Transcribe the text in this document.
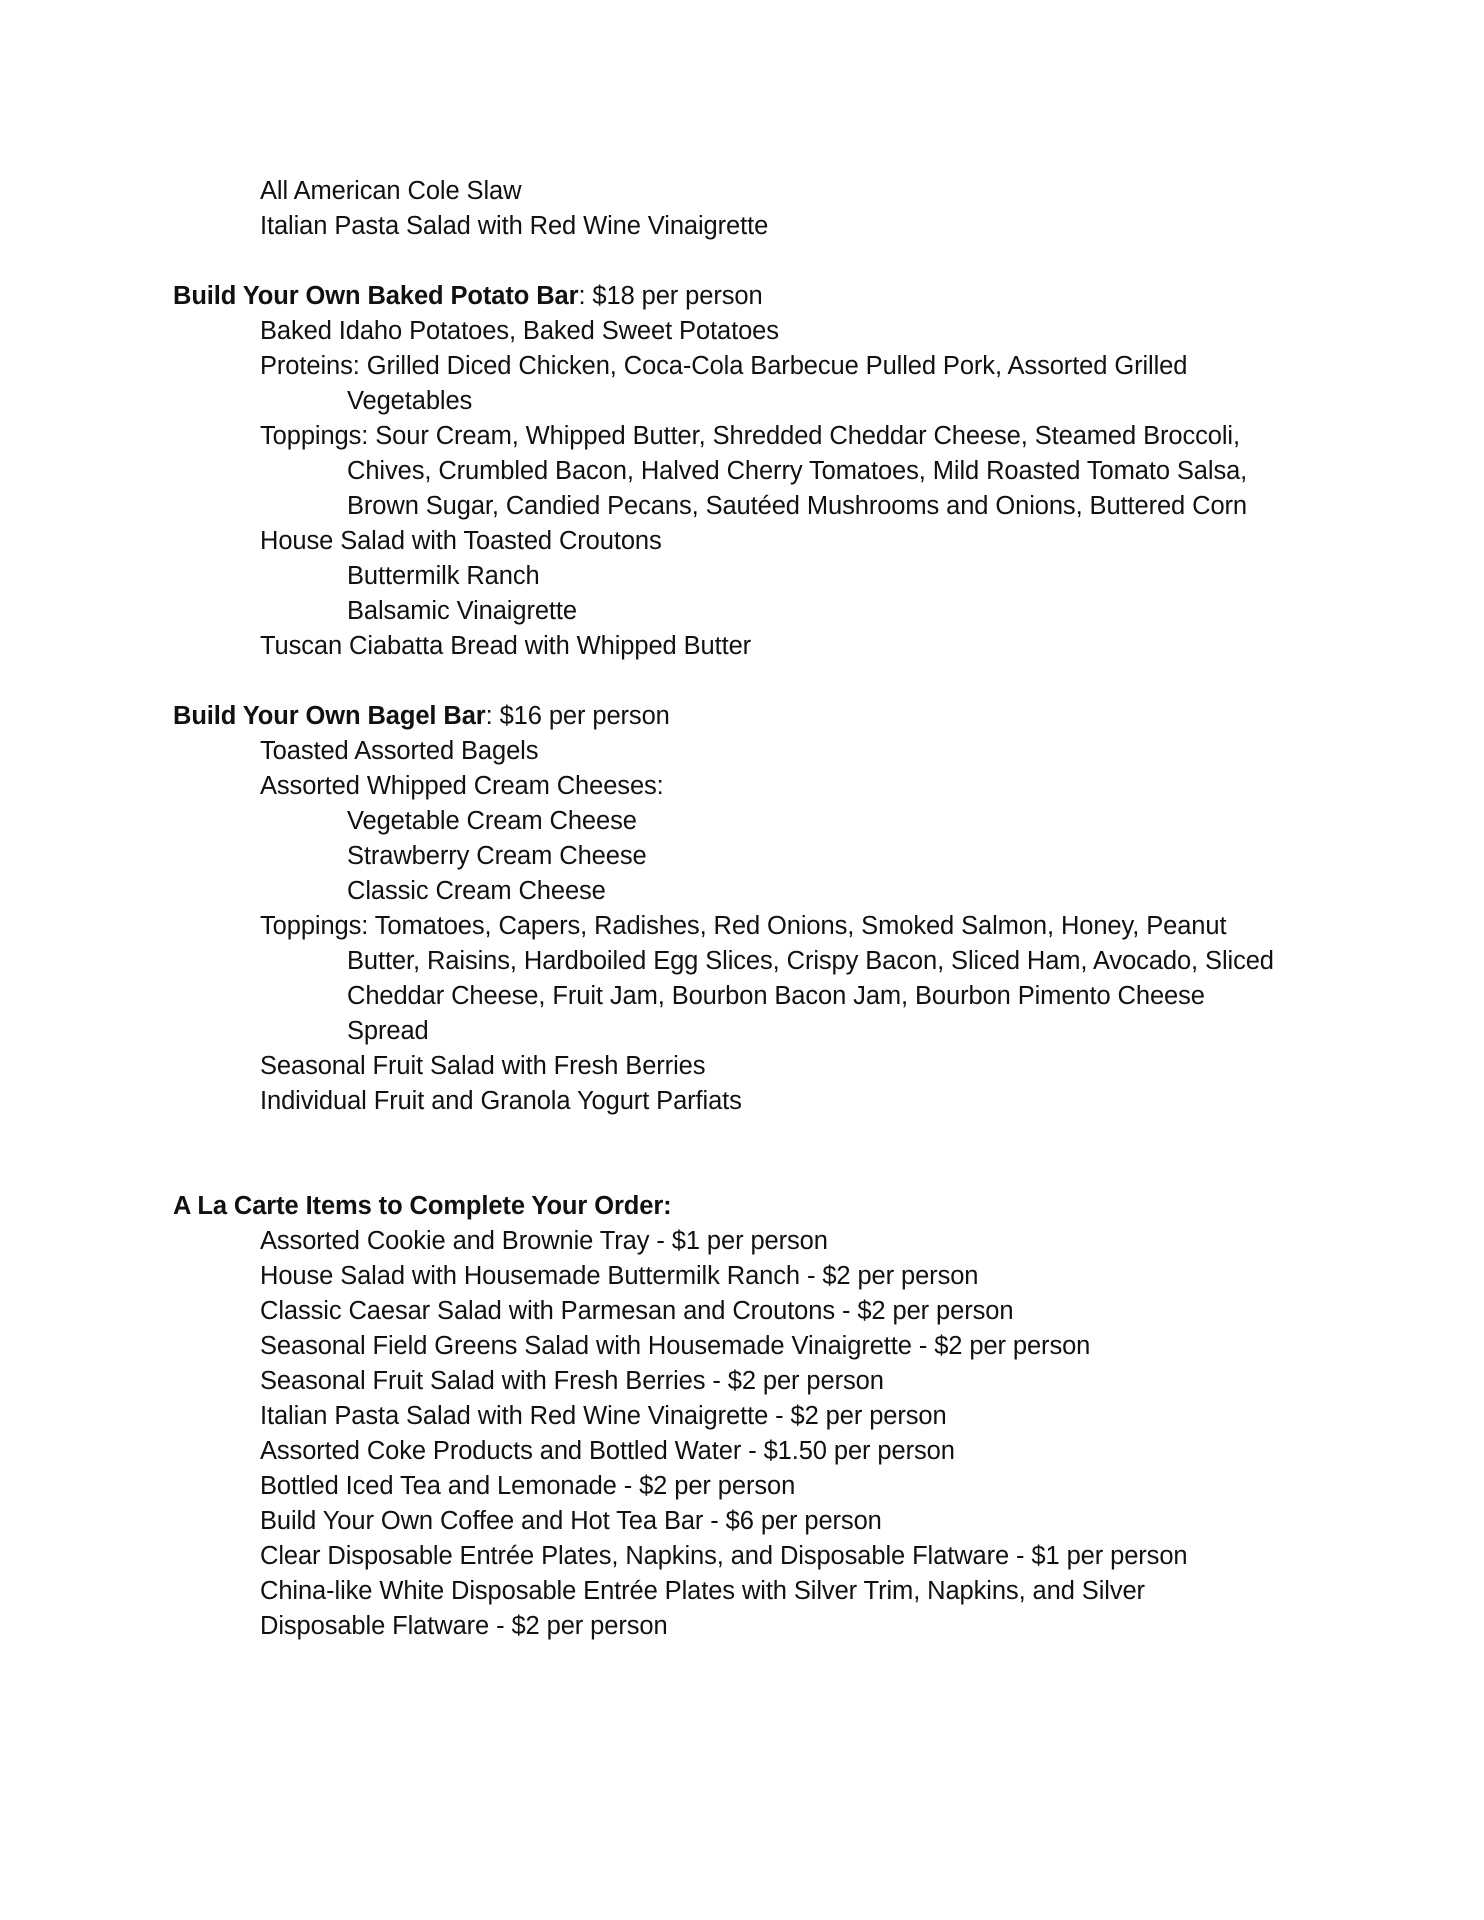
All American Cole Slaw
Italian Pasta Salad with Red Wine Vinaigrette
Build Your Own Baked Potato Bar: $18 per person
Baked Idaho Potatoes, Baked Sweet Potatoes
Proteins: Grilled Diced Chicken, Coca-Cola Barbecue Pulled Pork, Assorted Grilled
Vegetables
Toppings: Sour Cream, Whipped Butter, Shredded Cheddar Cheese, Steamed Broccoli,
Chives, Crumbled Bacon, Halved Cherry Tomatoes, Mild Roasted Tomato Salsa,
Brown Sugar, Candied Pecans, Sautéed Mushrooms and Onions, Buttered Corn
House Salad with Toasted Croutons
Buttermilk Ranch
Balsamic Vinaigrette
Tuscan Ciabatta Bread with Whipped Butter
Build Your Own Bagel Bar: $16 per person
Toasted Assorted Bagels
Assorted Whipped Cream Cheeses:
Vegetable Cream Cheese
Strawberry Cream Cheese
Classic Cream Cheese
Toppings: Tomatoes, Capers, Radishes, Red Onions, Smoked Salmon, Honey, Peanut
Butter, Raisins, Hardboiled Egg Slices, Crispy Bacon, Sliced Ham, Avocado, Sliced
Cheddar Cheese, Fruit Jam, Bourbon Bacon Jam, Bourbon Pimento Cheese
Spread
Seasonal Fruit Salad with Fresh Berries
Individual Fruit and Granola Yogurt Parfiats
A La Carte Items to Complete Your Order:
Assorted Cookie and Brownie Tray - $1 per person
House Salad with Housemade Buttermilk Ranch - $2 per person
Classic Caesar Salad with Parmesan and Croutons - $2 per person
Seasonal Field Greens Salad with Housemade Vinaigrette - $2 per person
Seasonal Fruit Salad with Fresh Berries - $2 per person
Italian Pasta Salad with Red Wine Vinaigrette - $2 per person
Assorted Coke Products and Bottled Water - $1.50 per person
Bottled Iced Tea and Lemonade - $2 per person
Build Your Own Coffee and Hot Tea Bar - $6 per person
Clear Disposable Entrée Plates, Napkins, and Disposable Flatware - $1 per person
China-like White Disposable Entrée Plates with Silver Trim, Napkins, and Silver
Disposable Flatware - $2 per person
